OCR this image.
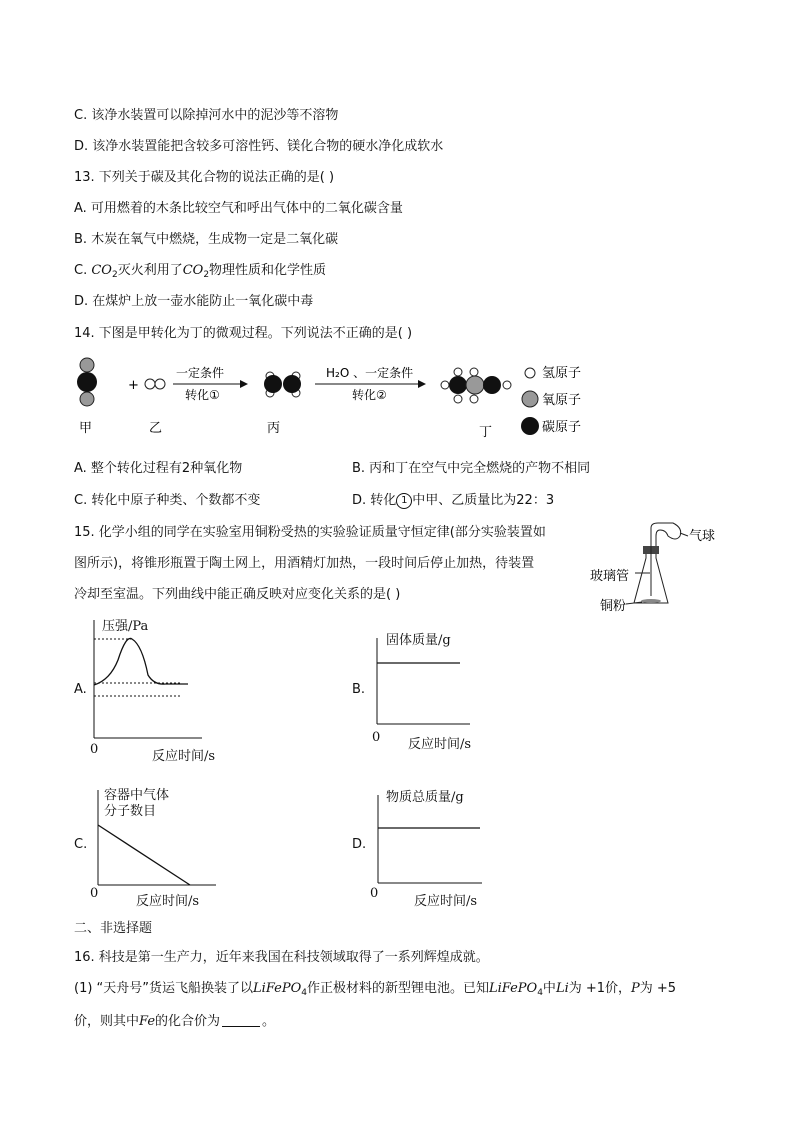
C. 该净水装置可以除掉河水中的泥沙等不溶物
D. 该净水装置能把含较多可溶性钙、镁化合物的硬水净化成软水
13. 下列关于碳及其化合物的说法正确的是( )
A. 可用燃着的木条比较空气和呼出气体中的二氧化碳含量
B. 木炭在氧气中燃烧，生成物一定是二氧化碳
C. $CO_2$灭火利用了$CO_2$物理性质和化学性质
D. 在煤炉上放一壶水能防止一氧化碳中毒
14. 下图是甲转化为丁的微观过程。下列说法不正确的是( )
+
一定条件
转化①
H₂O 、一定条件
转化②
氢原子
氧原子
碳原子
甲	乙	丙	丁
A. 整个转化过程有2种氧化物	B. 丙和丁在空气中完全燃烧的产物不相同
C. 转化中原子种类、个数都不变	D. 转化 1 中甲、乙质量比为22：3
15. 化学小组的同学在实验室用铜粉受热的实验验证质量守恒定律(部分实验装置如
图所示)，将锥形瓶置于陶土网上，用酒精灯加热，一段时间后停止加热，待装置
冷却至室温。下列曲线中能正确反映对应变化关系的是( )
气球
玻璃管
铜粉
A.
压强/Pa
0	反应时间/s
B.
固体质量/g
0 反应时间/s
C.
容器中气体
分子数目
0
反应时间/s
D.
物质总质量/g
0
反应时间/s
二、非选择题
16. 科技是第一生产力，近年来我国在科技领域取得了一系列辉煌成就。
(1) “天舟号”货运飞船换装了以LiFePO$_4$作正极材料的新型锂电池。已知LiFePO$_4$中Li为 +1价，P为 +5
价，则其中Fe的化合价为	。
